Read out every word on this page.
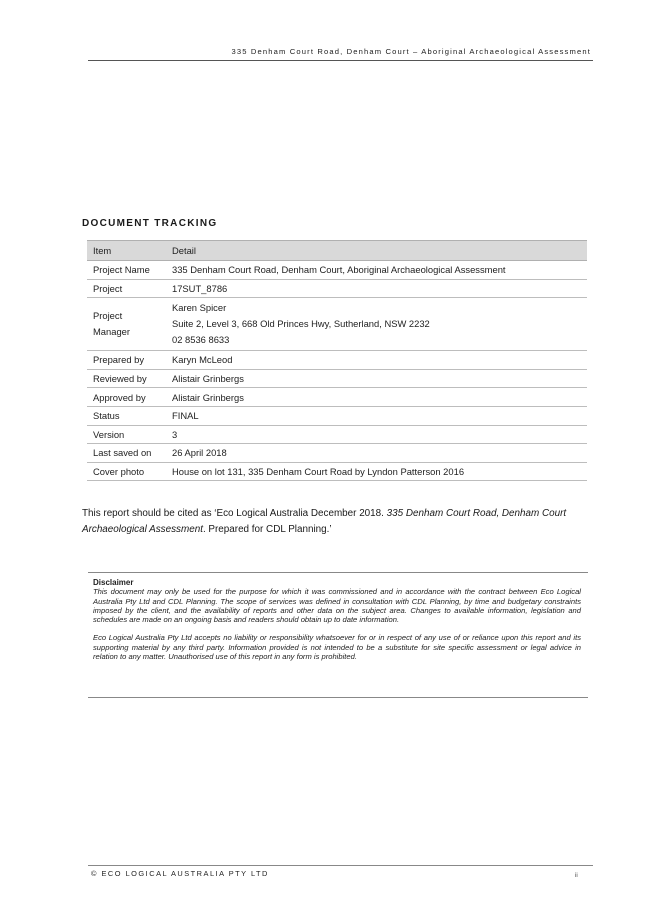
335 Denham Court Road, Denham Court – Aboriginal Archaeological Assessment
DOCUMENT TRACKING
Item	Detail
Project Name	335 Denham Court Road, Denham Court, Aboriginal Archaeological Assessment
Project	17SUT_8786
Project Manager	Karen Spicer
Suite 2, Level 3, 668 Old Princes Hwy, Sutherland, NSW 2232
02 8536 8633

Prepared by	Karyn McLeod
Reviewed by	Alistair Grinbergs
Approved by	Alistair Grinbergs
Status	FINAL
Version	3
Last saved on	26 April 2018
Cover photo	House on lot 131, 335 Denham Court Road by Lyndon Patterson 2016
This report should be cited as ‘Eco Logical Australia December 2018. 335 Denham Court Road, Denham Court Archaeological Assessment. Prepared for CDL Planning.’
Disclaimer

This document may only be used for the purpose for which it was commissioned and in accordance with the contract between Eco Logical Australia Pty Ltd and CDL Planning. The scope of services was defined in consultation with CDL Planning, by time and budgetary constraints imposed by the client, and the availability of reports and other data on the subject area. Changes to available information, legislation and schedules are made on an ongoing basis and readers should obtain up to date information.

Eco Logical Australia Pty Ltd accepts no liability or responsibility whatsoever for or in respect of any use of or reliance upon this report and its supporting material by any third party. Information provided is not intended to be a substitute for site specific assessment or legal advice in relation to any matter. Unauthorised use of this report in any form is prohibited.

© ECO LOGICAL AUSTRALIA PTY LTD	ii
